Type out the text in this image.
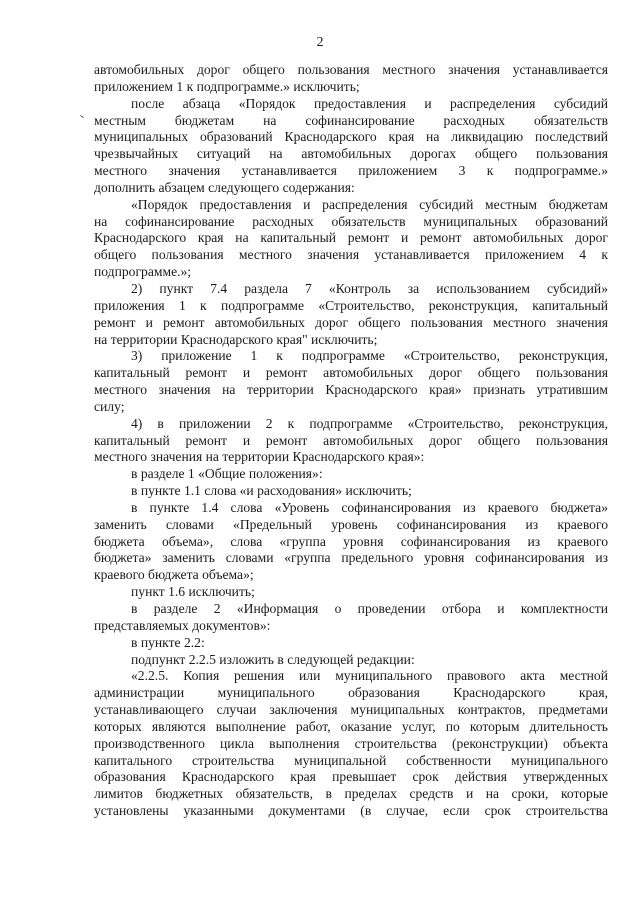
2
автомобильных дорог общего пользования местного значения устанавливается
приложением 1 к подпрограмме.» исключить;
после абзаца «Порядок предоставления и распределения субсидий
местным бюджетам на софинансирование расходных обязательств
муниципальных образований Краснодарского края на ликвидацию последствий
чрезвычайных ситуаций на автомобильных дорогах общего пользования
местного значения устанавливается приложением 3 к подпрограмме.»
дополнить абзацем следующего содержания:
«Порядок предоставления и распределения субсидий местным бюджетам
на софинансирование расходных обязательств муниципальных образований
Краснодарского края на капитальный ремонт и ремонт автомобильных дорог
общего пользования местного значения устанавливается приложением 4 к
подпрограмме.»;
2) пункт 7.4 раздела 7 «Контроль за использованием субсидий»
приложения 1 к подпрограмме «Строительство, реконструкция, капитальный
ремонт и ремонт автомобильных дорог общего пользования местного значения
на территории Краснодарского края" исключить;
3) приложение 1 к подпрограмме «Строительство, реконструкция,
капитальный ремонт и ремонт автомобильных дорог общего пользования
местного значения на территории Краснодарского края» признать утратившим
силу;
4) в приложении 2 к подпрограмме «Строительство, реконструкция,
капитальный ремонт и ремонт автомобильных дорог общего пользования
местного значения на территории Краснодарского края»:
в разделе 1 «Общие положения»:
в пункте 1.1 слова «и расходования» исключить;
в пункте 1.4 слова «Уровень софинансирования из краевого бюджета»
заменить словами «Предельный уровень софинансирования из краевого
бюджета объема», слова «группа уровня софинансирования из краевого
бюджета» заменить словами «группа предельного уровня софинансирования из
краевого бюджета объема»;
пункт 1.6 исключить;
в разделе 2 «Информация о проведении отбора и комплектности
представляемых документов»:
в пункте 2.2:
подпункт 2.2.5 изложить в следующей редакции:
«2.2.5. Копия решения или муниципального правового акта местной
администрации муниципального образования Краснодарского края,
устанавливающего случаи заключения муниципальных контрактов, предметами
которых являются выполнение работ, оказание услуг, по которым длительность
производственного цикла выполнения строительства (реконструкции) объекта
капитального строительства муниципальной собственности муниципального
образования Краснодарского края превышает срок действия утвержденных
лимитов бюджетных обязательств, в пределах средств и на сроки, которые
установлены указанными документами (в случае, если срок строительства
